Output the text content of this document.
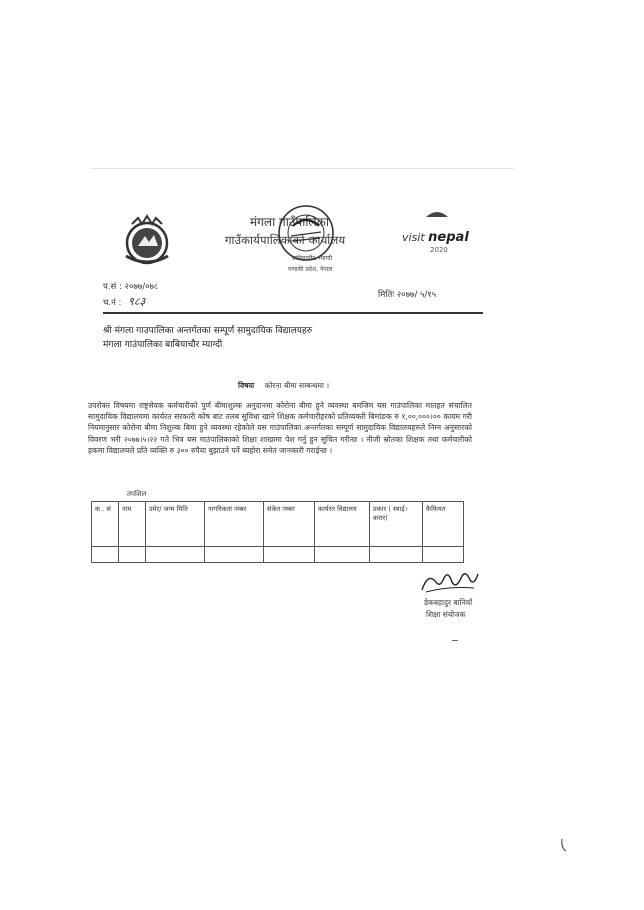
मंगला गाउँपालिका
गाउँकार्यपालिकाको कार्यालय
बाबियाचौर, म्याग्दी
गण्डकी प्रदेश, नेपाल
visit nepal
2020
प.सं : २०७७/०७८
च.नं : ९८३	मितिः २०७७/ ५/१५
श्री मंगला गाउपालिका अन्तर्गतका सम्पूर्ण सामुदायिक विद्यालयहरु
मंगला गाउंपालिका बाबियाचौर म्याग्दी
विषयः कोरना बीमा सम्बन्धमा ।
उपरोक्त विषयमा राष्ट्रसेवक कर्मचारीको पुर्ण बीमाशुल्क अनुदानमा कोरोना बीमा हुने व्यवस्था बमजिम यस गाउंपालिका मातहत संचालित सामुदायिक विद्यालयमा कार्यरत सरकारी कोष बाट तलब सुविधा खाने शिक्षक कर्मचारीहरको प्रतिव्यक्ती बिमांङक रु १,००,०००।०० कायम गरी नियमानुसार कोरोना बीमा निशुल्क बिमा हुने व्यवस्था रहेकोले यस गाउंपालिका अन्तर्गतका सम्पूर्ण सामुदायिक विद्यालयहरुले निम्न अनुसारको विवरण भरी २०७७।५।२२ गते भित्र यस गाउंपालिकाको शिक्षा शाखामा पेश गर्नु हुन सुचित गरीन्छ । नीजी स्रोतका शिक्षक तथा कर्मचारीको हकमा विद्यालयले प्रति व्यक्ति रु ३०० रुपैया बुझाउने पर्ने ब्यहोरा समेत जानकारी गराईन्छ ।
तपशिल
क . सं	नाम	उमेर/ जन्म मिति	नागरिकता नम्बर	संकेत नम्बर	कार्यरत विद्यालय	प्रकार ( स्थाई। करार)	कैफियत

डेकबहादुर बानियाँ
शिक्षा संयोजक
